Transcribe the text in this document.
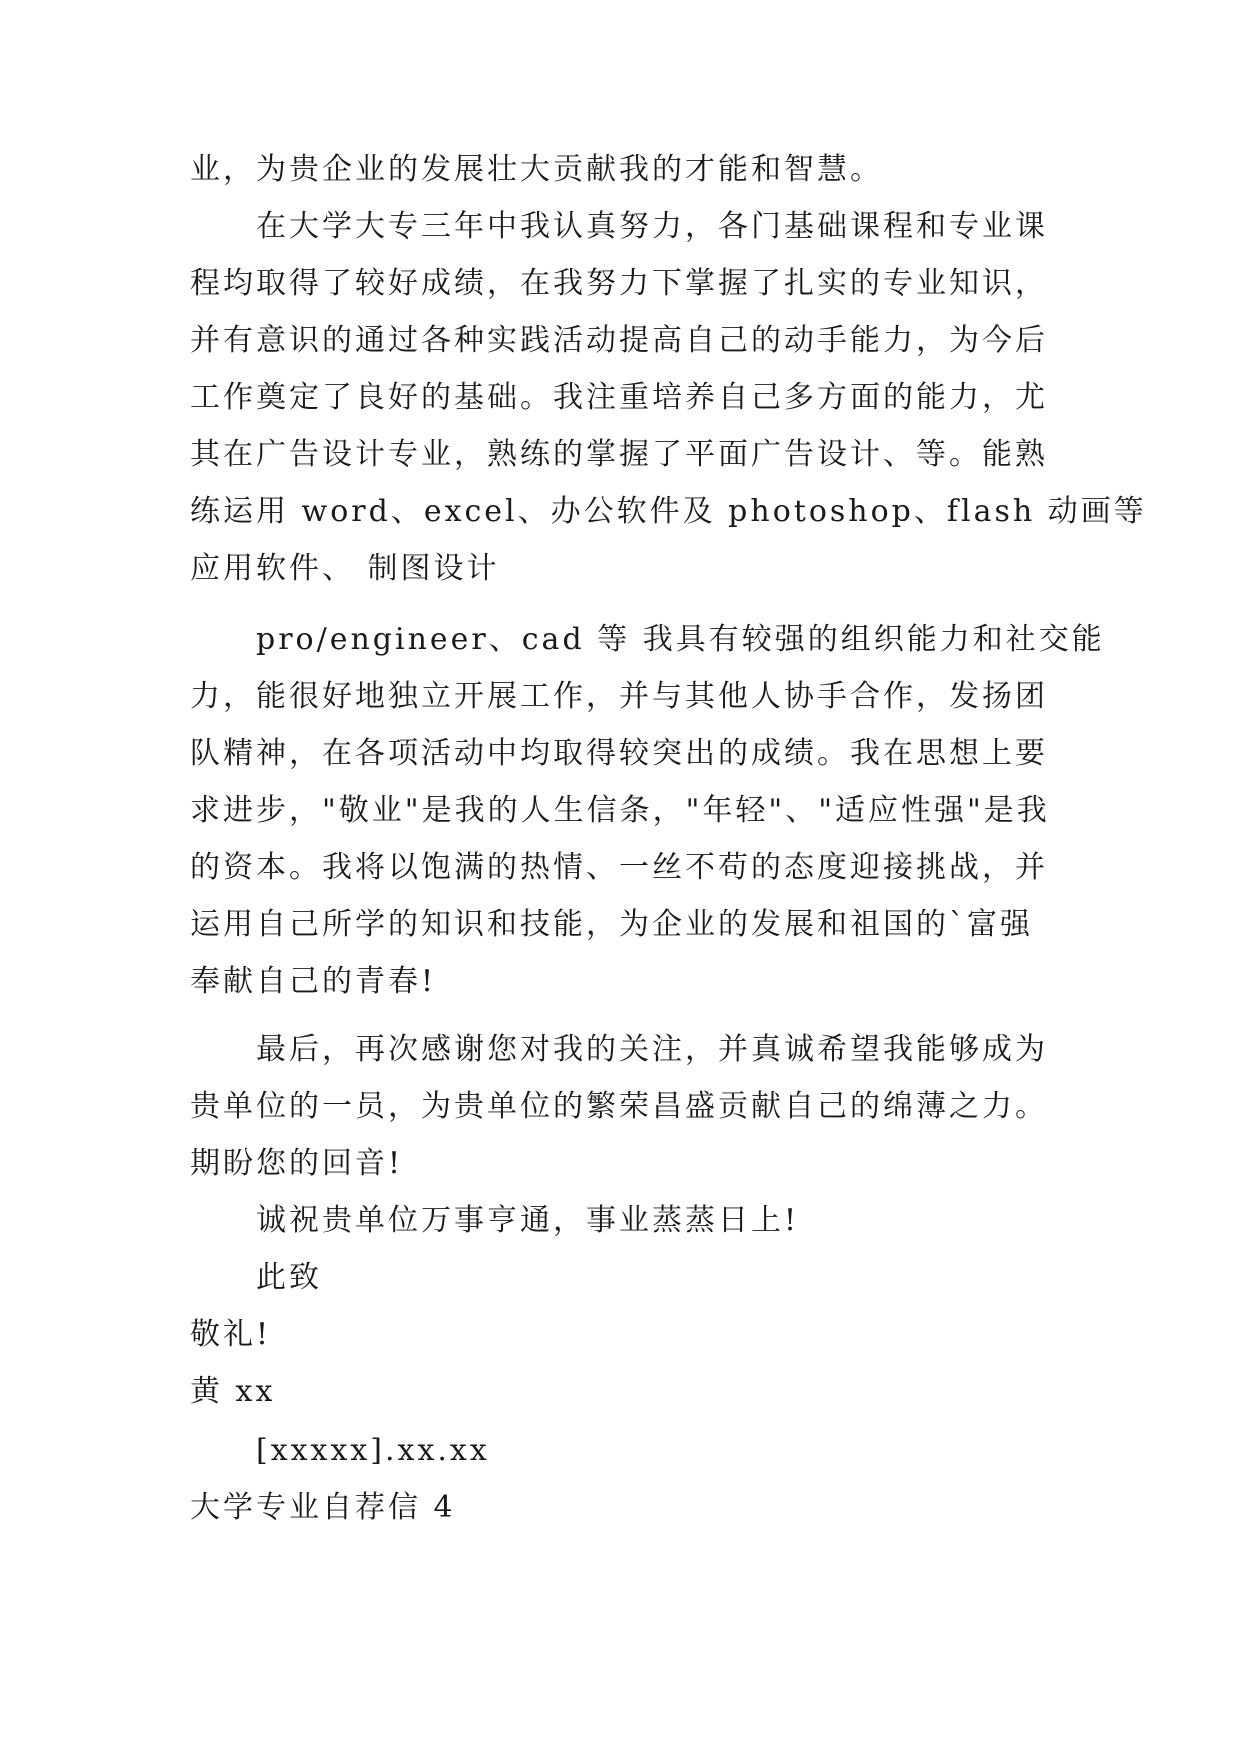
业，为贵企业的发展壮大贡献我的才能和智慧。

在大学大专三年中我认真努力，各门基础课程和专业课

程均取得了较好成绩，在我努力下掌握了扎实的专业知识，

并有意识的通过各种实践活动提高自己的动手能力，为今后

工作奠定了良好的基础。我注重培养自己多方面的能力，尤

其在广告设计专业，熟练的掌握了平面广告设计、等。能熟

练运用 word、excel、办公软件及 photoshop、flash 动画等

应用软件、 制图设计

pro/engineer、cad 等 我具有较强的组织能力和社交能

力，能很好地独立开展工作，并与其他人协手合作，发扬团

队精神，在各项活动中均取得较突出的成绩。我在思想上要

求进步，"敬业"是我的人生信条，"年轻"、"适应性强"是我

的资本。我将以饱满的热情、一丝不苟的态度迎接挑战，并

运用自己所学的知识和技能，为企业的发展和祖国的`富强

奉献自己的青春!

最后，再次感谢您对我的关注，并真诚希望我能够成为

贵单位的一员，为贵单位的繁荣昌盛贡献自己的绵薄之力。

期盼您的回音!

诚祝贵单位万事亨通，事业蒸蒸日上!

此致

敬礼!

黄 xx

[xxxxx].xx.xx

大学专业自荐信 4
